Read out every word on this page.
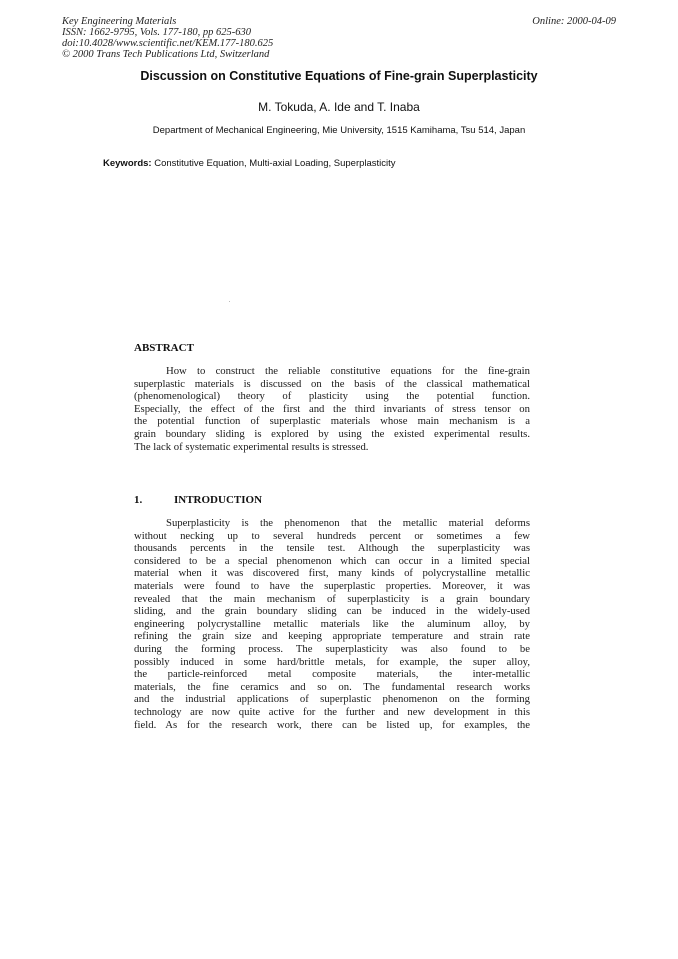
Key Engineering Materials
ISSN: 1662-9795, Vols. 177-180, pp 625-630
doi:10.4028/www.scientific.net/KEM.177-180.625
© 2000 Trans Tech Publications Ltd, Switzerland
Online: 2000-04-09
Discussion on Constitutive Equations of Fine-grain Superplasticity
M. Tokuda, A. Ide and T. Inaba
Department of Mechanical Engineering, Mie University, 1515 Kamihama, Tsu 514, Japan
Keywords: Constitutive Equation, Multi-axial Loading, Superplasticity
ABSTRACT
How to construct the reliable constitutive equations for the fine-grain
superplastic materials is discussed on the basis of the classical mathematical
(phenomenological) theory of plasticity using the potential function.
Especially, the effect of the first and the third invariants of stress tensor on
the potential function of superplastic materials whose main mechanism is a
grain boundary sliding is explored by using the existed experimental results.
The lack of systematic experimental results is stressed.
1.	INTRODUCTION
Superplasticity is the phenomenon that the metallic material deforms
without necking up to several hundreds percent or sometimes a few
thousands percents in the tensile test. Although the superplasticity was
considered to be a special phenomenon which can occur in a limited special
material when it was discovered first, many kinds of polycrystalline metallic
materials were found to have the superplastic properties. Moreover, it was
revealed that the main mechanism of superplasticity is a grain boundary
sliding, and the grain boundary sliding can be induced in the widely-used
engineering polycrystalline metallic materials like the aluminum alloy, by
refining the grain size and keeping appropriate temperature and strain rate
during the forming process. The superplasticity was also found to be
possibly induced in some hard/brittle metals, for example, the super alloy,
the particle-reinforced metal composite materials, the inter-metallic
materials, the fine ceramics and so on. The fundamental research works
and the industrial applications of superplastic phenomenon on the forming
technology are now quite active for the further and new development in this
field. As for the research work, there can be listed up, for examples, the
